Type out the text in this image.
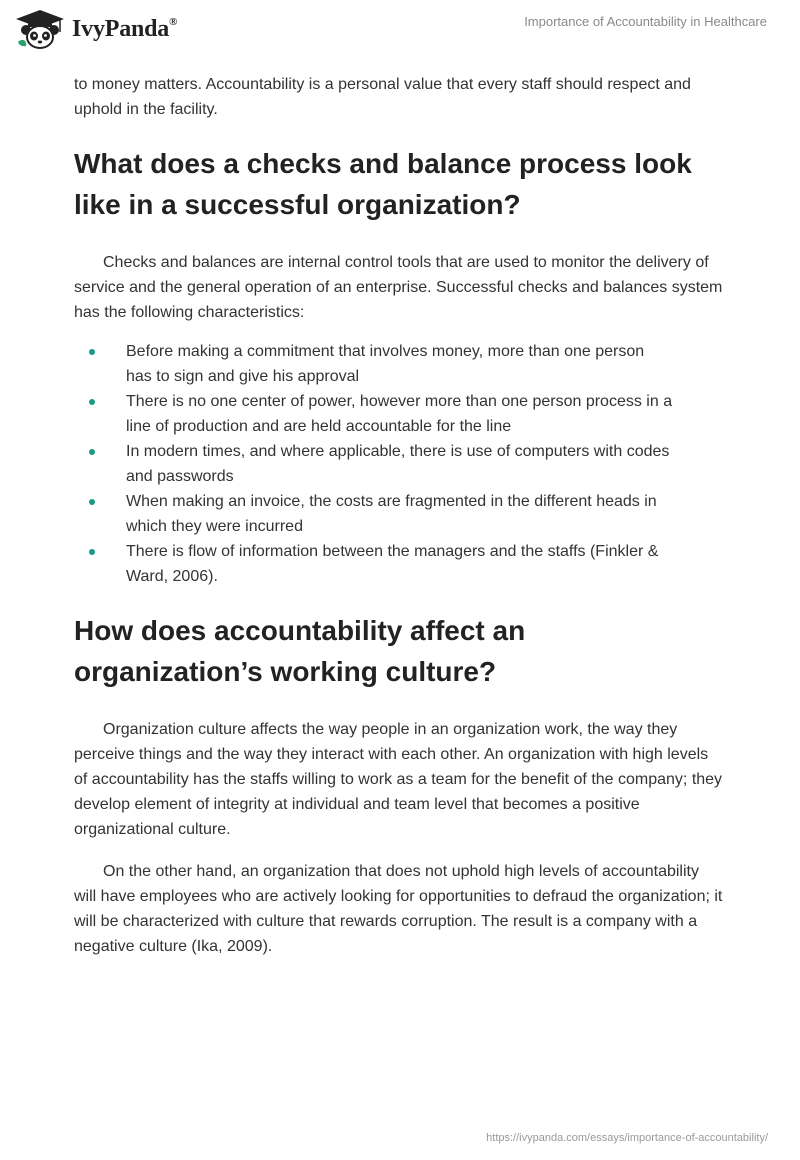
IvyPanda®	Importance of Accountability in Healthcare

to money matters. Accountability is a personal value that every staff should respect and uphold in the facility.

What does a checks and balance process look like in a successful organization?

Checks and balances are internal control tools that are used to monitor the delivery of service and the general operation of an enterprise. Successful checks and balances system has the following characteristics:

Before making a commitment that involves money, more than one person has to sign and give his approval
There is no one center of power, however more than one person process in a line of production and are held accountable for the line
In modern times, and where applicable, there is use of computers with codes and passwords
When making an invoice, the costs are fragmented in the different heads in which they were incurred
There is flow of information between the managers and the staffs (Finkler & Ward, 2006).
How does accountability affect an organization’s working culture?

Organization culture affects the way people in an organization work, the way they perceive things and the way they interact with each other. An organization with high levels of accountability has the staffs willing to work as a team for the benefit of the company; they develop element of integrity at individual and team level that becomes a positive organizational culture.

On the other hand, an organization that does not uphold high levels of accountability will have employees who are actively looking for opportunities to defraud the organization; it will be characterized with culture that rewards corruption. The result is a company with a negative culture (Ika, 2009).

https://ivypanda.com/essays/importance-of-accountability/
